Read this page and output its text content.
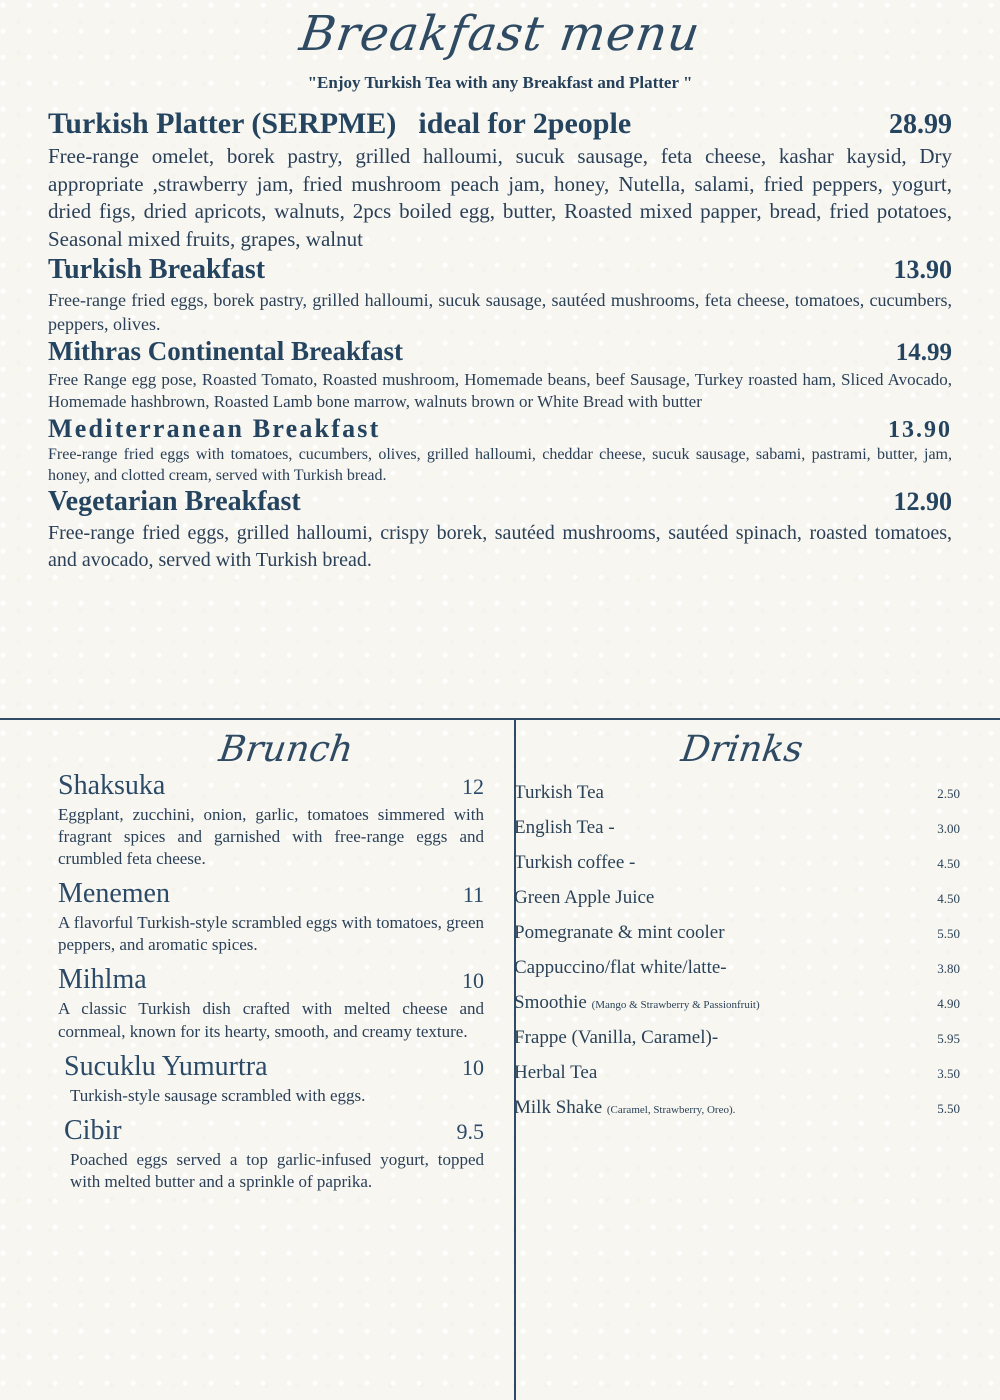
Breakfast menu
"Enjoy Turkish Tea with any Breakfast and Platter "
Turkish Platter (SERPME) ideal for 2people	28.99
Free-range omelet, borek pastry, grilled halloumi, sucuk sausage, feta cheese, kashar kaysid, Dry appropriate ,strawberry jam, fried mushroom peach jam, honey, Nutella, salami, fried peppers, yogurt, dried figs, dried apricots, walnuts, 2pcs boiled egg, butter, Roasted mixed papper, bread, fried potatoes, Seasonal mixed fruits, grapes, walnut
Turkish Breakfast	13.90
Free-range fried eggs, borek pastry, grilled halloumi, sucuk sausage, sautéed mushrooms, feta cheese, tomatoes, cucumbers, peppers, olives.
Mithras Continental Breakfast	14.99
Free Range egg pose, Roasted Tomato, Roasted mushroom, Homemade beans, beef Sausage, Turkey roasted ham, Sliced Avocado, Homemade hashbrown, Roasted Lamb bone marrow, walnuts brown or White Bread with butter
Mediterranean Breakfast	13.90
Free-range fried eggs with tomatoes, cucumbers, olives, grilled halloumi, cheddar cheese, sucuk sausage, sabami, pastrami, butter, jam, honey, and clotted cream, served with Turkish bread.
Vegetarian Breakfast	12.90
Free-range fried eggs, grilled halloumi, crispy borek, sautéed mushrooms, sautéed spinach, roasted tomatoes, and avocado, served with Turkish bread.
Brunch
Shaksuka	12
Eggplant, zucchini, onion, garlic, tomatoes simmered with fragrant spices and garnished with free-range eggs and crumbled feta cheese.
Menemen	11
A flavorful Turkish-style scrambled eggs with tomatoes, green peppers, and aromatic spices.
Mihlma	10
A classic Turkish dish crafted with melted cheese and cornmeal, known for its hearty, smooth, and creamy texture.
Sucuklu Yumurtra	10
Turkish-style sausage scrambled with eggs.
Cibir	9.5
Poached eggs served a top garlic-infused yogurt, topped with melted butter and a sprinkle of paprika.
Drinks
Turkish Tea	2.50
English Tea -	3.00
Turkish coffee -	4.50
Green Apple Juice	4.50
Pomegranate & mint cooler	5.50
Cappuccino/flat white/latte-	3.80
Smoothie (Mango & Strawberry & Passionfruit)	4.90
Frappe (Vanilla, Caramel)-	5.95
Herbal Tea	3.50
Milk Shake (Caramel, Strawberry, Oreo).	5.50
